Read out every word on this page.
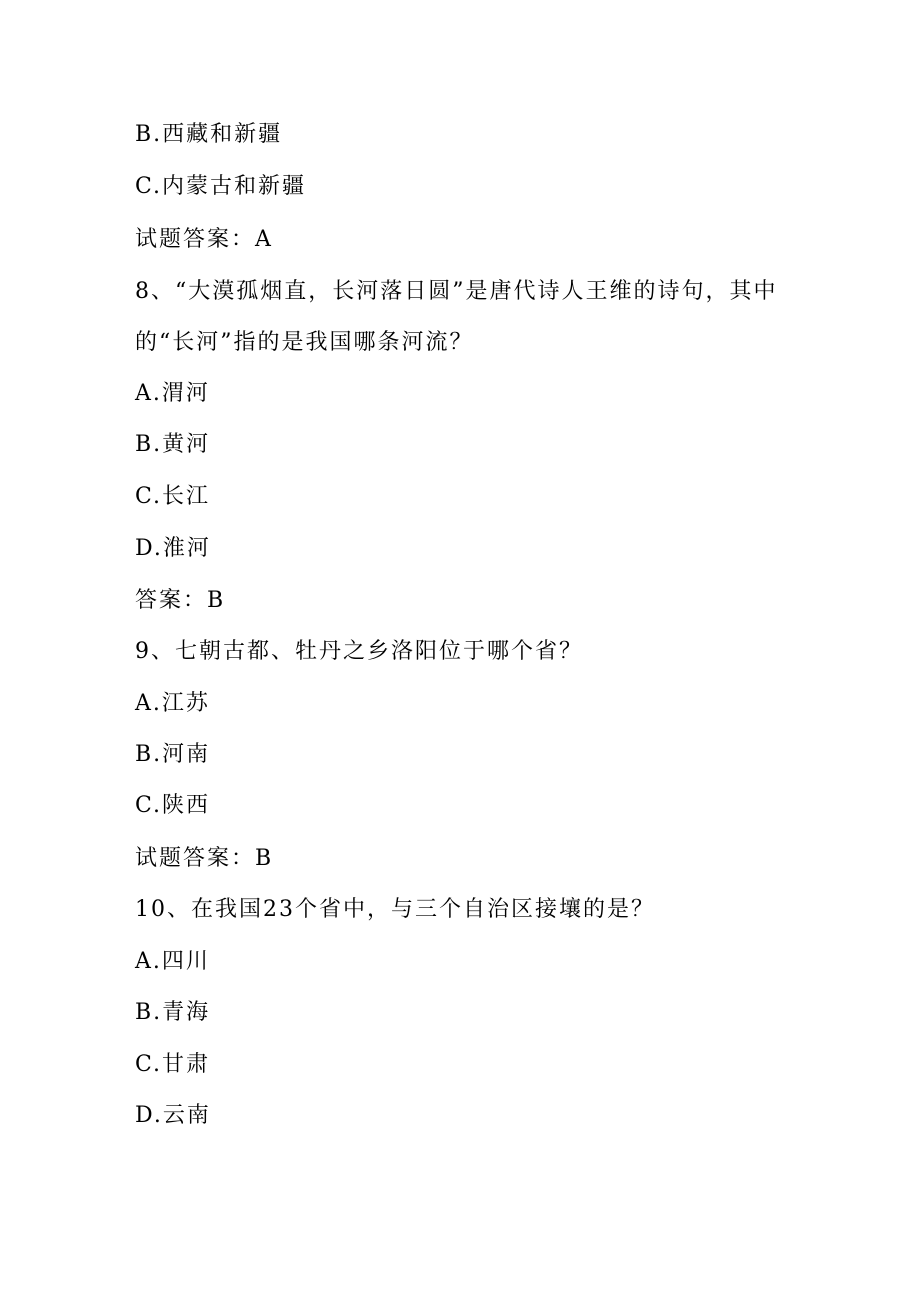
B.西藏和新疆
C.内蒙古和新疆
试题答案：A
8、“大漠孤烟直，长河落日圆”是唐代诗人王维的诗句，其中
的“长河”指的是我国哪条河流？
A.渭河
B.黄河
C.长江
D.淮河
答案：B
9、七朝古都、牡丹之乡洛阳位于哪个省？
A.江苏
B.河南
C.陕西
试题答案：B
10、在我国23个省中，与三个自治区接壤的是？
A.四川
B.青海
C.甘肃
D.云南
